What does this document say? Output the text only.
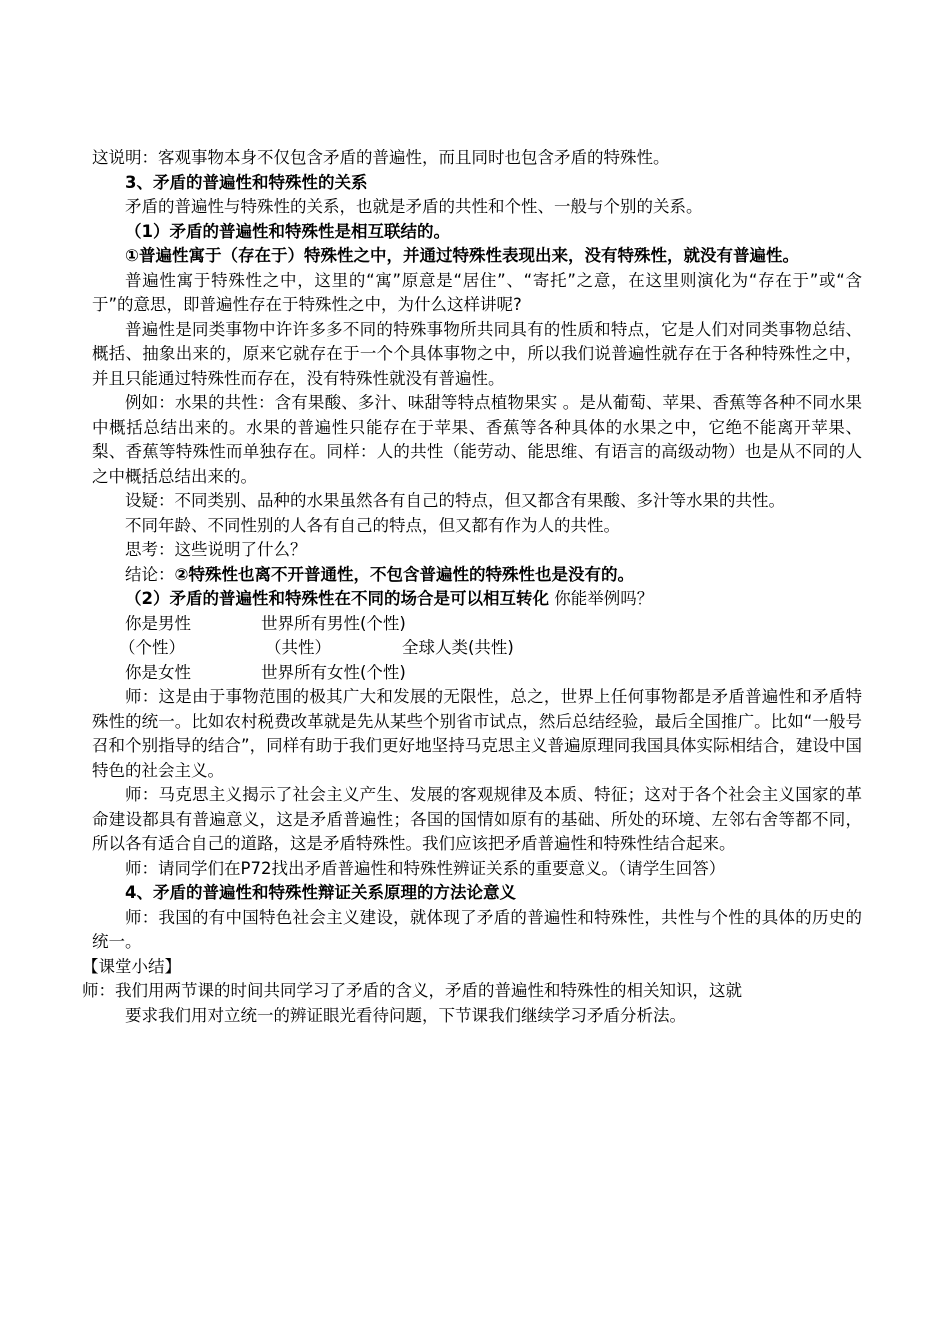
这说明：客观事物本身不仅包含矛盾的普遍性，而且同时也包含矛盾的特殊性。

3、矛盾的普遍性和特殊性的关系

矛盾的普遍性与特殊性的关系，也就是矛盾的共性和个性、一般与个别的关系。

（1）矛盾的普遍性和特殊性是相互联结的。

①普遍性寓于（存在于）特殊性之中，并通过特殊性表现出来，没有特殊性，就没有普遍性。

普遍性寓于特殊性之中，这里的“寓”原意是“居住”、“寄托”之意，在这里则演化为“存在于”或“含于”的意思，即普遍性存在于特殊性之中，为什么这样讲呢?

普遍性是同类事物中许许多多不同的特殊事物所共同具有的性质和特点，它是人们对同类事物总结、概括、抽象出来的，原来它就存在于一个个具体事物之中，所以我们说普遍性就存在于各种特殊性之中，并且只能通过特殊性而存在，没有特殊性就没有普遍性。

例如：水果的共性：含有果酸、多汁、味甜等特点植物果实 。是从葡萄、苹果、香蕉等各种不同水果中概括总结出来的。水果的普遍性只能存在于苹果、香蕉等各种具体的水果之中，它绝不能离开苹果、梨、香蕉等特殊性而单独存在。同样：人的共性（能劳动、能思维、有语言的高级动物）也是从不同的人之中概括总结出来的。

设疑：不同类别、品种的水果虽然各有自己的特点，但又都含有果酸、多汁等水果的共性。

不同年龄、不同性别的人各有自己的特点，但又都有作为人的共性。

思考：这些说明了什么？

结论：②特殊性也离不开普通性，不包含普遍性的特殊性也是没有的。

（2）矛盾的普遍性和特殊性在不同的场合是可以相互转化 你能举例吗？

你是男性	世界所有男性(个性)
（个性）	（共性）	全球人类(共性)
你是女性	世界所有女性(个性)

师：这是由于事物范围的极其广大和发展的无限性，总之，世界上任何事物都是矛盾普遍性和矛盾特殊性的统一。比如农村税费改革就是先从某些个别省市试点，然后总结经验，最后全国推广。比如“一般号召和个别指导的结合”，同样有助于我们更好地坚持马克思主义普遍原理同我国具体实际相结合，建设中国特色的社会主义。

师：马克思主义揭示了社会主义产生、发展的客观规律及本质、特征；这对于各个社会主义国家的革命建设都具有普遍意义，这是矛盾普遍性；各国的国情如原有的基础、所处的环境、左邻右舍等都不同，所以各有适合自己的道路，这是矛盾特殊性。我们应该把矛盾普遍性和特殊性结合起来。

师：请同学们在P72找出矛盾普遍性和特殊性辨证关系的重要意义。（请学生回答）

4、矛盾的普遍性和特殊性辩证关系原理的方法论意义

师：我国的有中国特色社会主义建设，就体现了矛盾的普遍性和特殊性，共性与个性的具体的历史的统一。

【课堂小结】

师：我们用两节课的时间共同学习了矛盾的含义，矛盾的普遍性和特殊性的相关知识，这就

要求我们用对立统一的辨证眼光看待问题，下节课我们继续学习矛盾分析法。
